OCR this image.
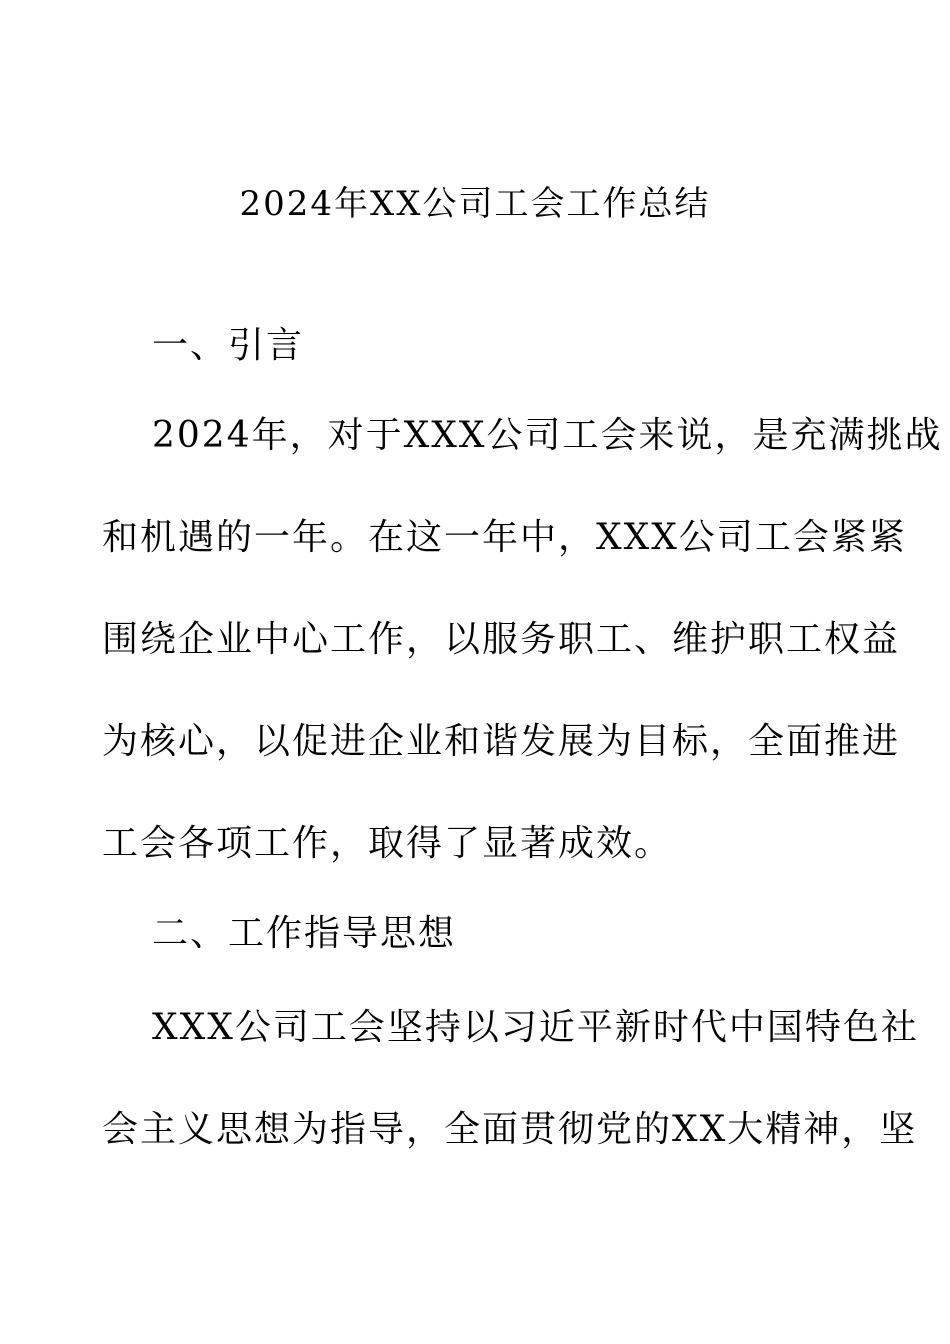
2024年XX公司工会工作总结
一、引言
2024年，对于XXX公司工会来说，是充满挑战
和机遇的一年。在这一年中，XXX公司工会紧紧
围绕企业中心工作，以服务职工、维护职工权益
为核心，以促进企业和谐发展为目标，全面推进
工会各项工作，取得了显著成效。
二、工作指导思想
XXX公司工会坚持以习近平新时代中国特色社
会主义思想为指导，全面贯彻党的XX大精神，坚
